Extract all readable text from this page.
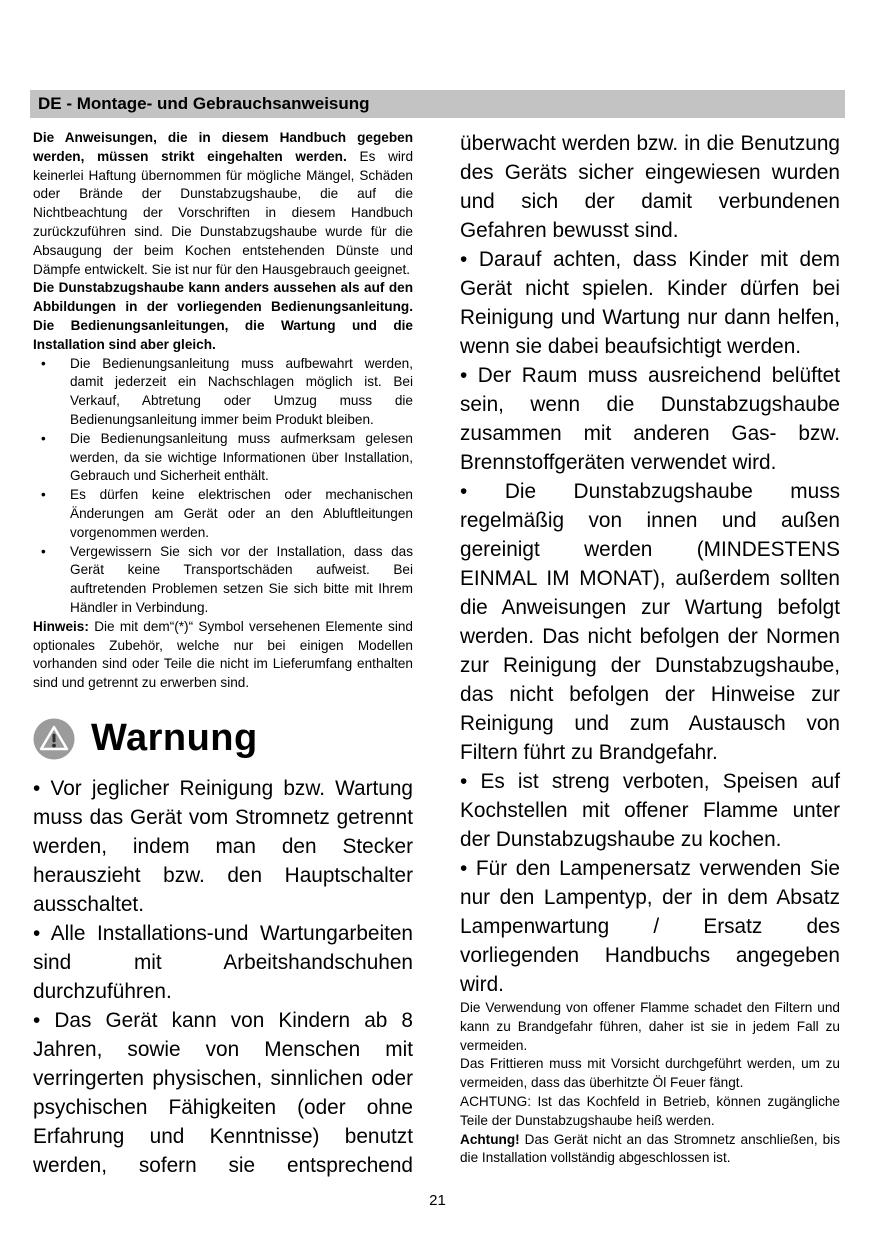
DE - Montage- und Gebrauchsanweisung

Die Anweisungen, die in diesem Handbuch gegeben werden, müssen strikt eingehalten werden. Es wird keinerlei Haftung übernommen für mögliche Mängel, Schäden oder Brände der Dunstabzugshaube, die auf die Nichtbeachtung der Vorschriften in diesem Handbuch zurückzuführen sind. Die Dunstabzugshaube wurde für die Absaugung der beim Kochen entstehenden Dünste und Dämpfe entwickelt. Sie ist nur für den Hausgebrauch geeignet.

Die Dunstabzugshaube kann anders aussehen als auf den Abbildungen in der vorliegenden Bedienungsanleitung. Die Bedienungsanleitungen, die Wartung und die Installation sind aber gleich.

• Die Bedienungsanleitung muss aufbewahrt werden, damit jederzeit ein Nachschlagen möglich ist. Bei Verkauf, Abtretung oder Umzug muss die Bedienungsanleitung immer beim Produkt bleiben.
• Die Bedienungsanleitung muss aufmerksam gelesen werden, da sie wichtige Informationen über Installation, Gebrauch und Sicherheit enthält.
• Es dürfen keine elektrischen oder mechanischen Änderungen am Gerät oder an den Abluftleitungen vorgenommen werden.
• Vergewissern Sie sich vor der Installation, dass das Gerät keine Transportschäden aufweist. Bei auftretenden Problemen setzen Sie sich bitte mit Ihrem Händler in Verbindung.

Hinweis: Die mit dem“(*)“ Symbol versehenen Elemente sind optionales Zubehör, welche nur bei einigen Modellen vorhanden sind oder Teile die nicht im Lieferumfang enthalten sind und getrennt zu erwerben sind.

Warnung

• Vor jeglicher Reinigung bzw. Wartung muss das Gerät vom Stromnetz getrennt werden, indem man den Stecker herauszieht bzw. den Hauptschalter ausschaltet.

• Alle Installations-und Wartungarbeiten sind mit Arbeitshandschuhen durchzuführen.

• Das Gerät kann von Kindern ab 8 Jahren, sowie von Menschen mit verringerten physischen, sinnlichen oder psychischen Fähigkeiten (oder ohne Erfahrung und Kenntnisse) benutzt werden, sofern sie entsprechend

überwacht werden bzw. in die Benutzung des Geräts sicher eingewiesen wurden und sich der damit verbundenen Gefahren bewusst sind.

• Darauf achten, dass Kinder mit dem Gerät nicht spielen. Kinder dürfen bei Reinigung und Wartung nur dann helfen, wenn sie dabei beaufsichtigt werden.

• Der Raum muss ausreichend belüftet sein, wenn die Dunstabzugshaube zusammen mit anderen Gas- bzw. Brennstoffgeräten verwendet wird.

• Die Dunstabzugshaube muss regelmäßig von innen und außen gereinigt werden (MINDESTENS EINMAL IM MONAT), außerdem sollten die Anweisungen zur Wartung befolgt werden. Das nicht befolgen der Normen zur Reinigung der Dunstabzugshaube, das nicht befolgen der Hinweise zur Reinigung und zum Austausch von Filtern führt zu Brandgefahr.

• Es ist streng verboten, Speisen auf Kochstellen mit offener Flamme unter der Dunstabzugshaube zu kochen.

• Für den Lampenersatz verwenden Sie nur den Lampentyp, der in dem Absatz Lampenwartung / Ersatz des vorliegenden Handbuchs angegeben wird.

Die Verwendung von offener Flamme schadet den Filtern und kann zu Brandgefahr führen, daher ist sie in jedem Fall zu vermeiden.

Das Frittieren muss mit Vorsicht durchgeführt werden, um zu vermeiden, dass das überhitzte Öl Feuer fängt.

ACHTUNG: Ist das Kochfeld in Betrieb, können zugängliche Teile der Dunstabzugshaube heiß werden.

Achtung! Das Gerät nicht an das Stromnetz anschließen, bis die Installation vollständig abgeschlossen ist.

21
